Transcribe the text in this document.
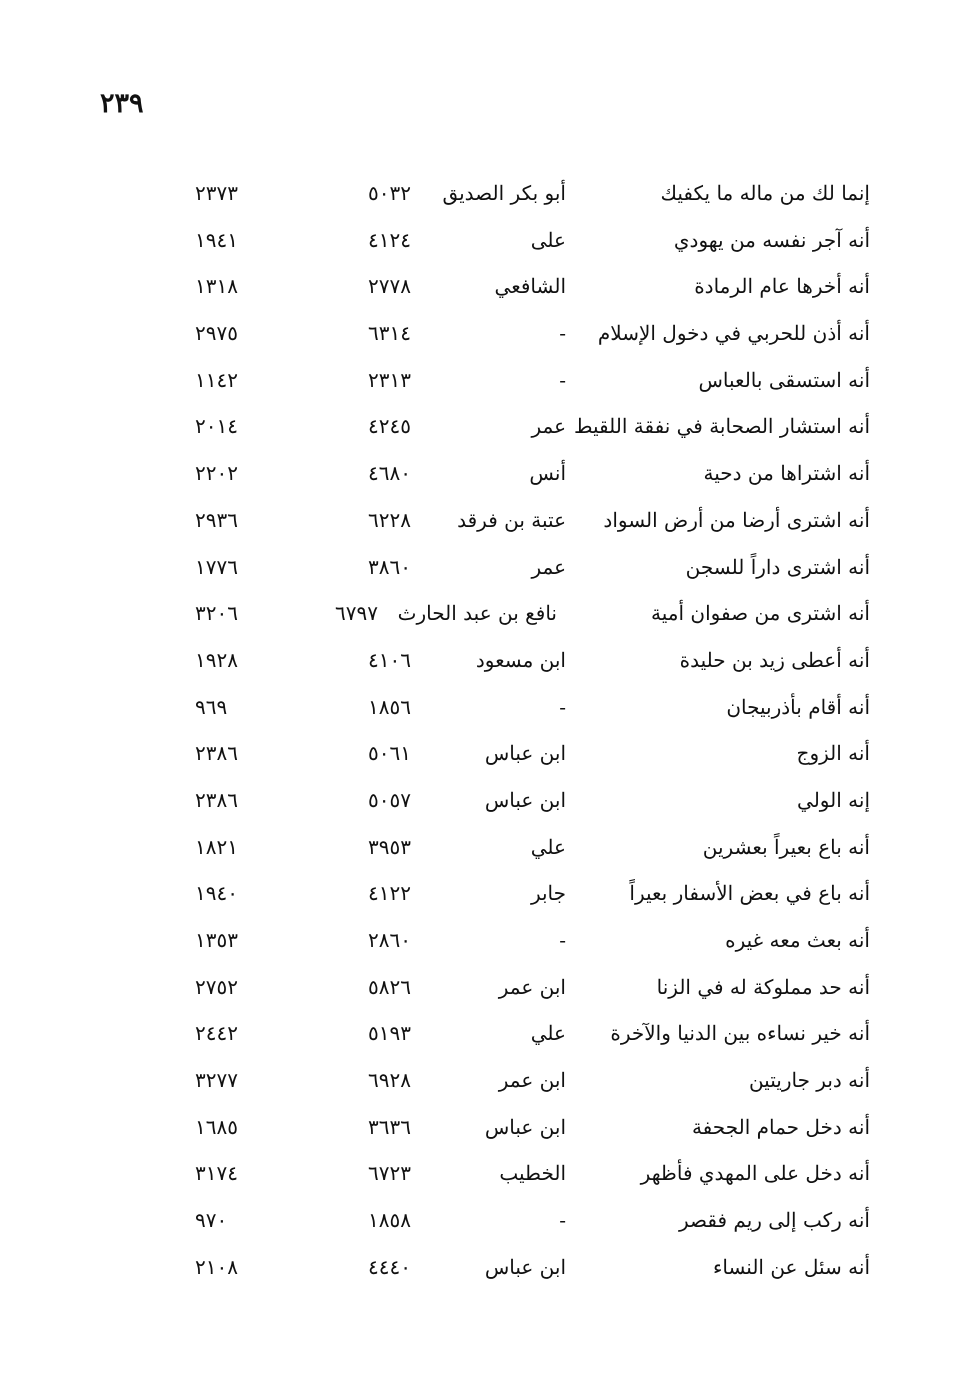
٢٣٩
إنما لك من ماله ما يكفيك
أبو بكر الصديق
٥٠٣٢
٢٣٧٣
أنه آجر نفسه من يهودي
على
٤١٢٤
١٩٤١
أنه أخرها عام الرمادة
الشافعي
٢٧٧٨
١٣١٨
أنه أذن للحربي في دخول الإسلام
-
٦٣١٤
٢٩٧٥
أنه استسقى بالعباس
-
٢٣١٣
١١٤٢
أنه استشار الصحابة في نفقة اللقيط
عمر
٤٢٤٥
٢٠١٤
أنه اشتراها من دحية
أنس
٤٦٨٠
٢٢٠٢
أنه اشترى أرضا من أرض السواد
عتبة بن فرقد
٦٢٢٨
٢٩٣٦
أنه اشترى داراً للسجن
عمر
٣٨٦٠
١٧٧٦
أنه اشترى من صفوان أمية
نافع بن عبد الحارث
٦٧٩٧
٣٢٠٦
أنه أعطى زيد بن حليدة
ابن مسعود
٤١٠٦
١٩٢٨
أنه أقام بأذربيجان
-
١٨٥٦
٩٦٩
أنه الزوج
ابن عباس
٥٠٦١
٢٣٨٦
إنه الولي
ابن عباس
٥٠٥٧
٢٣٨٦
أنه باع بعيراً بعشرين
علي
٣٩٥٣
١٨٢١
أنه باع في بعض الأسفار بعيراً
جابر
٤١٢٢
١٩٤٠
أنه بعث معه غيره
-
٢٨٦٠
١٣٥٣
أنه حد مملوكة له في الزنا
ابن عمر
٥٨٢٦
٢٧٥٢
أنه خير نساءه بين الدنيا والآخرة
علي
٥١٩٣
٢٤٤٢
أنه دبر جاريتين
ابن عمر
٦٩٢٨
٣٢٧٧
أنه دخل حمام الجحفة
ابن عباس
٣٦٣٦
١٦٨٥
أنه دخل على المهدي فأظهر
الخطيب
٦٧٢٣
٣١٧٤
أنه ركب إلى ريم فقصر
-
١٨٥٨
٩٧٠
أنه سئل عن النساء
ابن عباس
٤٤٤٠
٢١٠٨
